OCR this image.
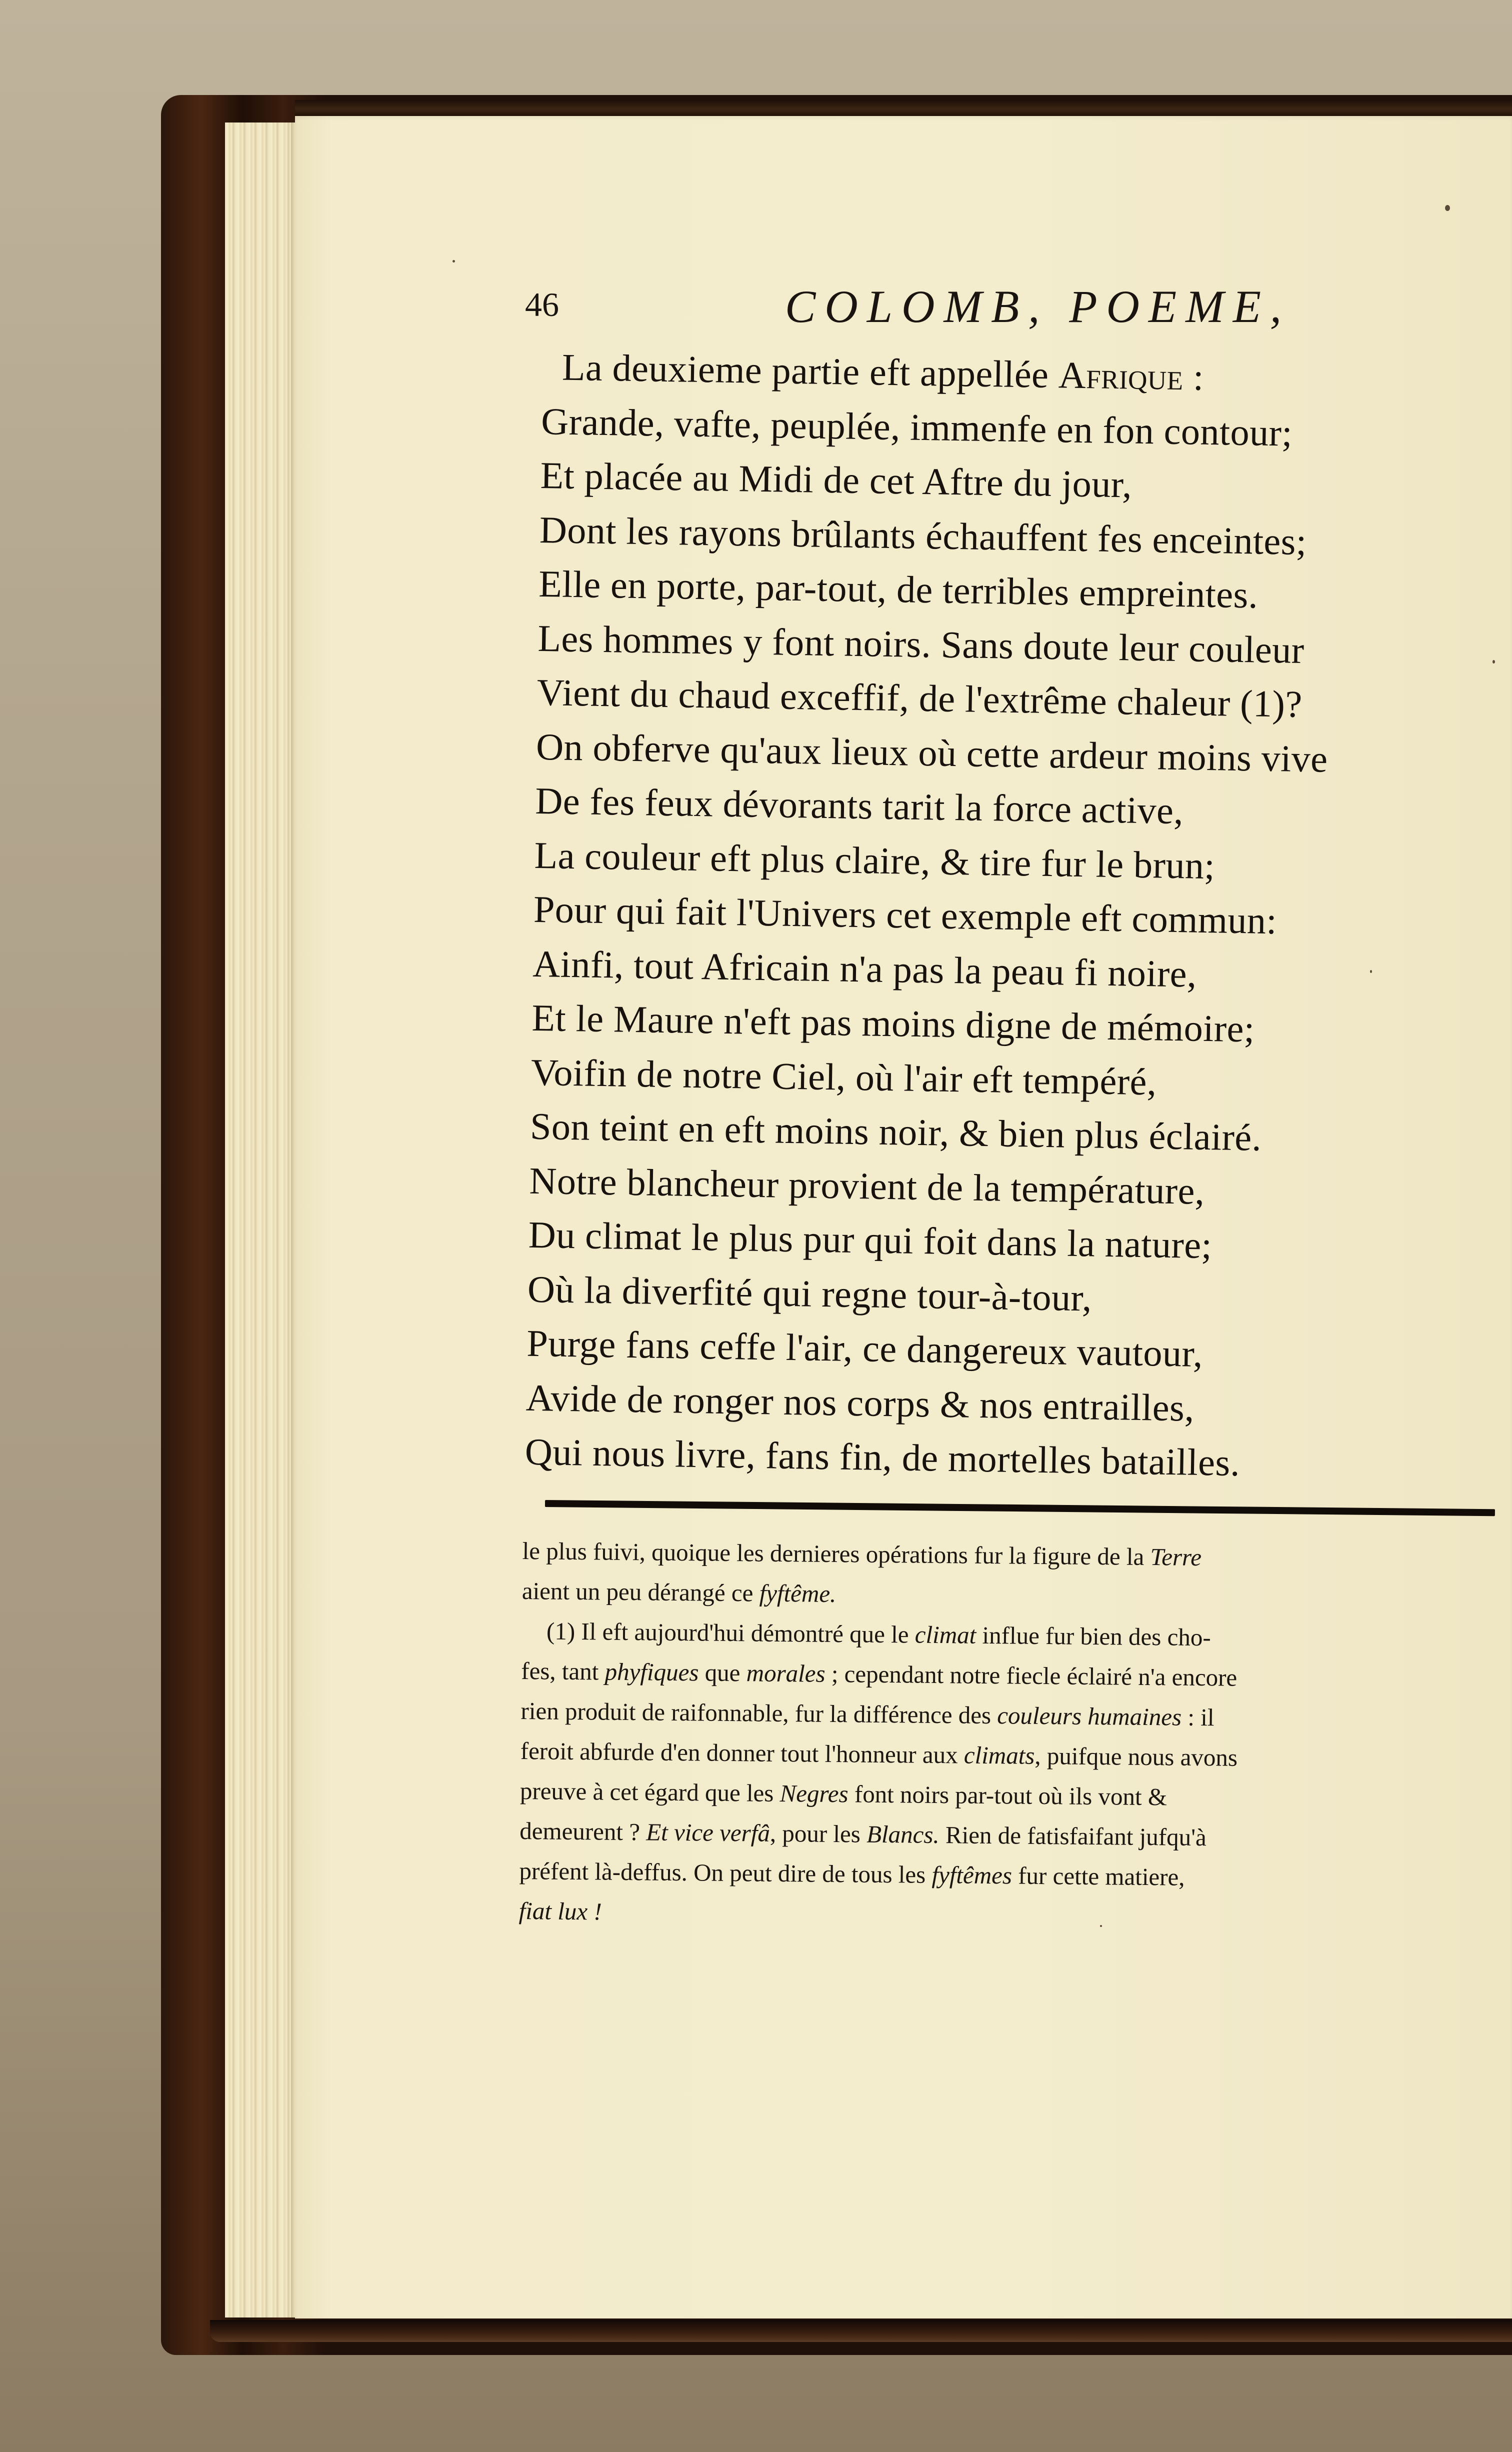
46	COLOMB, POEME,
La deuxieme partie eft appellée Afrique :
Grande, vafte, peuplée, immenfe en fon contour;
Et placée au Midi de cet Aftre du jour,
Dont les rayons brûlants échauffent fes enceintes;
Elle en porte, par-tout, de terribles empreintes.
Les hommes y font noirs. Sans doute leur couleur
Vient du chaud exceffif, de l'extrême chaleur (1)?
On obferve qu'aux lieux où cette ardeur moins vive
De fes feux dévorants tarit la force active,
La couleur eft plus claire, & tire fur le brun;
Pour qui fait l'Univers cet exemple eft commun:
Ainfi, tout Africain n'a pas la peau fi noire,
Et le Maure n'eft pas moins digne de mémoire;
Voifin de notre Ciel, où l'air eft tempéré,
Son teint en eft moins noir, & bien plus éclairé.
Notre blancheur provient de la température,
Du climat le plus pur qui foit dans la nature;
Où la diverfité qui regne tour-à-tour,
Purge fans ceffe l'air, ce dangereux vautour,
Avide de ronger nos corps & nos entrailles,
Qui nous livre, fans fin, de mortelles batailles.
le plus fuivi, quoique les dernieres opérations fur la figure de la Terre
aient un peu dérangé ce fyftême.
(1) Il eft aujourd'hui démontré que le climat influe fur bien des cho-
fes, tant phyfiques que morales ; cependant notre fiecle éclairé n'a encore
rien produit de raifonnable, fur la différence des couleurs humaines : il
feroit abfurde d'en donner tout l'honneur aux climats, puifque nous avons
preuve à cet égard que les Negres font noirs par-tout où ils vont &
demeurent ? Et vice verfâ, pour les Blancs. Rien de fatisfaifant jufqu'à
préfent là-deffus. On peut dire de tous les fyftêmes fur cette matiere,
fiat lux !
